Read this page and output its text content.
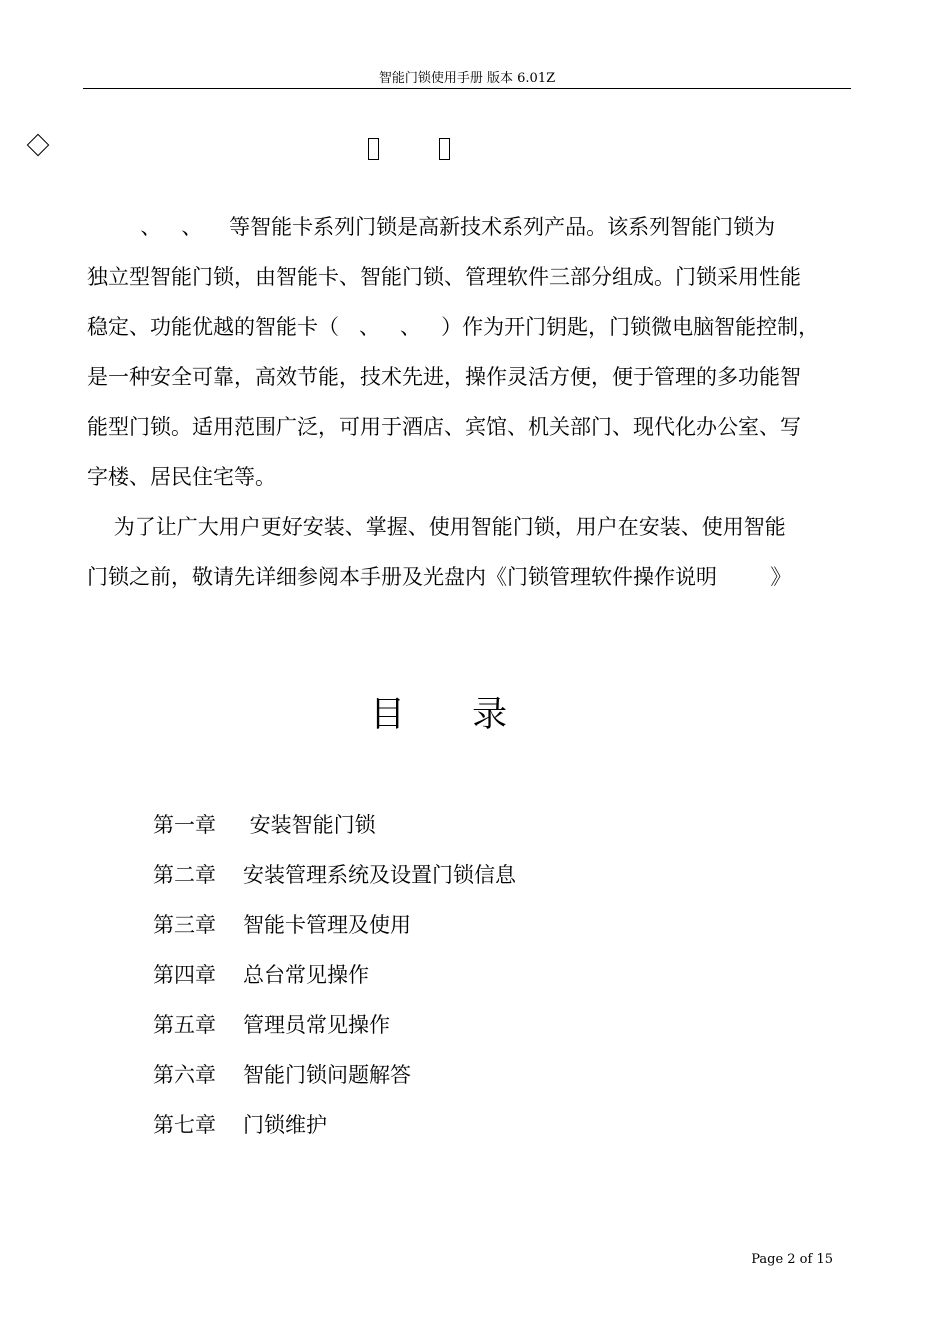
智能门锁使用手册 版本 6.01Z
、   、    等智能卡系列门锁是高新技术系列产品。该系列智能门锁为
独立型智能门锁，由智能卡、智能门锁、管理软件三部分组成。门锁采用性能
稳定、功能优越的智能卡（   、   、   ）作为开门钥匙，门锁微电脑智能控制，
是一种安全可靠，高效节能，技术先进，操作灵活方便，便于管理的多功能智
能型门锁。适用范围广泛，可用于酒店、宾馆、机关部门、现代化办公室、写
字楼、居民住宅等。
为了让广大用户更好安装、掌握、使用智能门锁，用户在安装、使用智能
门锁之前，敬请先详细参阅本手册及光盘内《门锁管理软件操作说明        》
目 录
第一章 安装智能门锁
第二章 安装管理系统及设置门锁信息
第三章 智能卡管理及使用
第四章 总台常见操作
第五章 管理员常见操作
第六章 智能门锁问题解答
第七章 门锁维护
Page 2 of 15
